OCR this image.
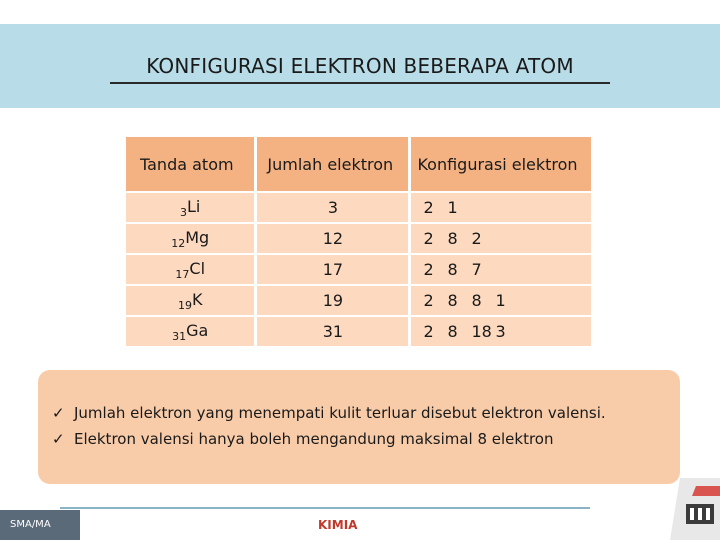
KONFIGURASI ELEKTRON BEBERAPA ATOM
Tanda atom	Jumlah elektron	Konfigurasi elektron
$_3$Li	3	2 1
$_{12}$Mg	12	2 8 2
$_{17}$Cl	17	2 8 7
$_{19}$K	19	2 8 8 1
$_{31}$Ga	31	2 8 18 3
✓ Jumlah elektron yang menempati kulit terluar disebut elektron valensi.
✓ Elektron valensi hanya boleh mengandung maksimal 8 elektron
SMA/MA	KIMIA
